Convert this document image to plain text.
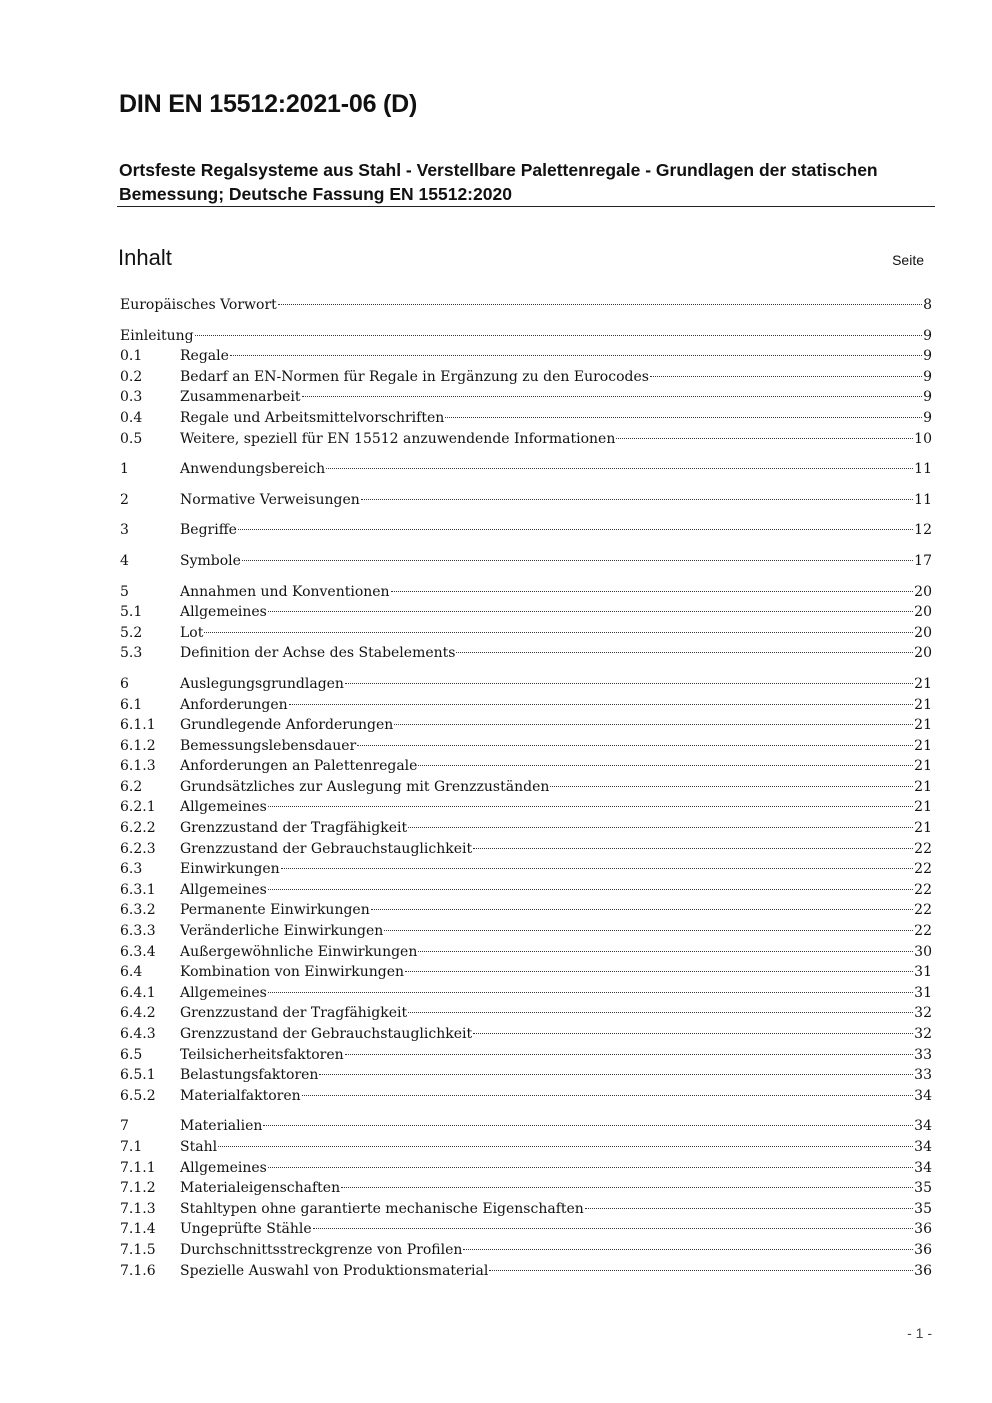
DIN EN 15512:2021-06 (D)
Ortsfeste Regalsysteme aus Stahl - Verstellbare Palettenregale - Grundlagen der statischen Bemessung; Deutsche Fassung EN 15512:2020
Inhalt	Seite
Europäisches Vorwort	8
Einleitung	9
0.1	Regale	9
0.2	Bedarf an EN-Normen für Regale in Ergänzung zu den Eurocodes	9
0.3	Zusammenarbeit	9
0.4	Regale und Arbeitsmittelvorschriften	9
0.5	Weitere, speziell für EN 15512 anzuwendende Informationen	10
1	Anwendungsbereich	11
2	Normative Verweisungen	11
3	Begriffe	12
4	Symbole	17
5	Annahmen und Konventionen	20
5.1	Allgemeines	20
5.2	Lot	20
5.3	Definition der Achse des Stabelements	20
6	Auslegungsgrundlagen	21
6.1	Anforderungen	21
6.1.1	Grundlegende Anforderungen	21
6.1.2	Bemessungslebensdauer	21
6.1.3	Anforderungen an Palettenregale	21
6.2	Grundsätzliches zur Auslegung mit Grenzzuständen	21
6.2.1	Allgemeines	21
6.2.2	Grenzzustand der Tragfähigkeit	21
6.2.3	Grenzzustand der Gebrauchstauglichkeit	22
6.3	Einwirkungen	22
6.3.1	Allgemeines	22
6.3.2	Permanente Einwirkungen	22
6.3.3	Veränderliche Einwirkungen	22
6.3.4	Außergewöhnliche Einwirkungen	30
6.4	Kombination von Einwirkungen	31
6.4.1	Allgemeines	31
6.4.2	Grenzzustand der Tragfähigkeit	32
6.4.3	Grenzzustand der Gebrauchstauglichkeit	32
6.5	Teilsicherheitsfaktoren	33
6.5.1	Belastungsfaktoren	33
6.5.2	Materialfaktoren	34
7	Materialien	34
7.1	Stahl	34
7.1.1	Allgemeines	34
7.1.2	Materialeigenschaften	35
7.1.3	Stahltypen ohne garantierte mechanische Eigenschaften	35
7.1.4	Ungeprüfte Stähle	36
7.1.5	Durchschnittsstreckgrenze von Profilen	36
7.1.6	Spezielle Auswahl von Produktionsmaterial	36
- 1 -
